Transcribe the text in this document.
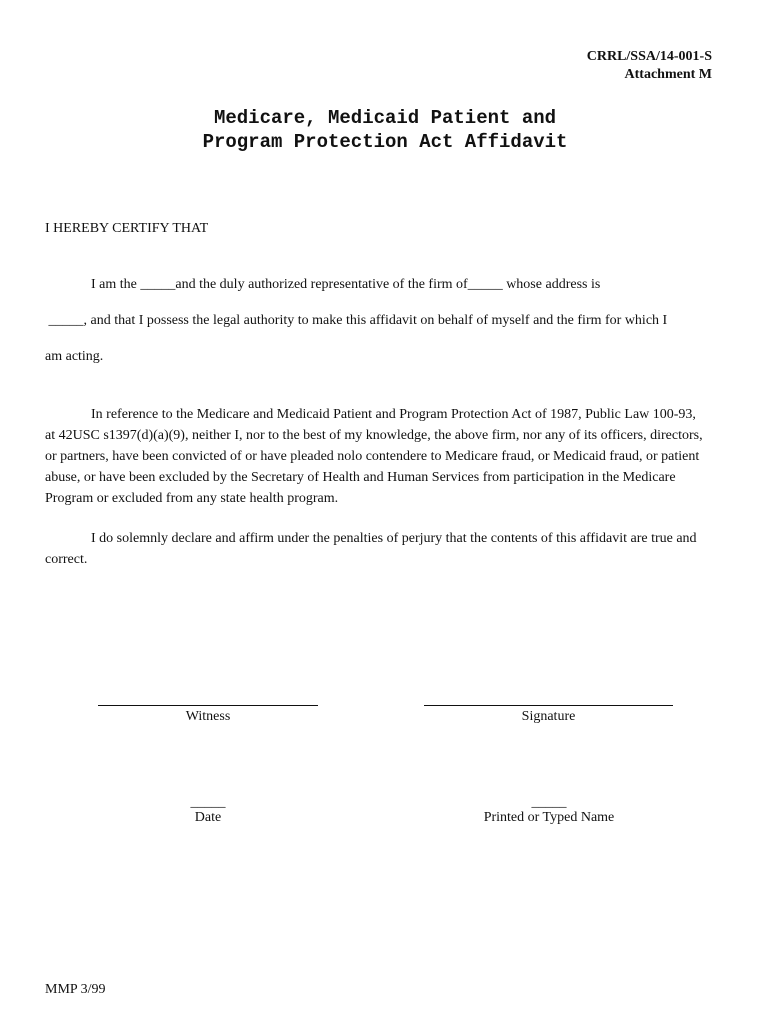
CRRL/SSA/14-001-S
Attachment M
Medicare, Medicaid Patient and
Program Protection Act Affidavit
I HEREBY CERTIFY THAT
I am the _____and the duly authorized representative of the firm of_____ whose address is
_____, and that I possess the legal authority to make this affidavit on behalf of myself and the firm for which I
am acting.
In reference to the Medicare and Medicaid Patient and Program Protection Act of 1987, Public Law 100-93, at 42USC s1397(d)(a)(9), neither I, nor to the best of my knowledge, the above firm, nor any of its officers, directors, or partners, have been convicted of or have pleaded nolo contendere to Medicare fraud, or Medicaid fraud, or patient abuse, or have been excluded by the Secretary of Health and Human Services from participation in the Medicare Program or excluded from any state health program.
I do solemnly declare and affirm under the penalties of perjury that the contents of this affidavit are true and correct.
Witness	Signature
_____
Date
_____
Printed or Typed Name
MMP 3/99
